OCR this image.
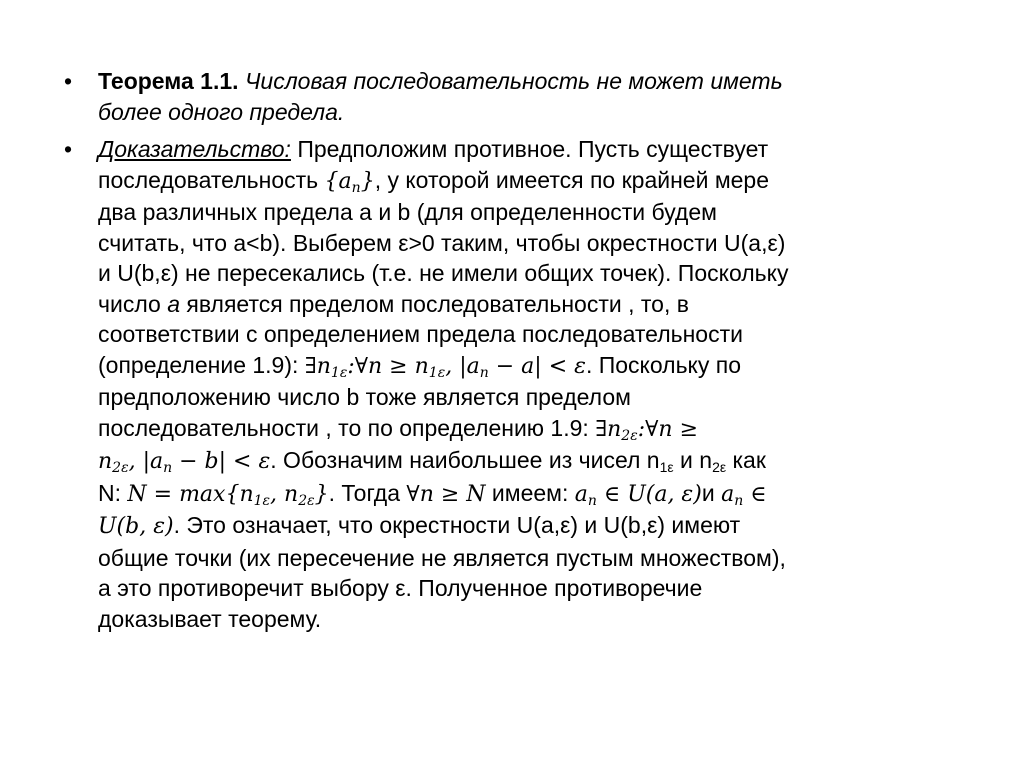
•	Теорема 1.1. Числовая последовательность не может иметь
более одного предела.
•	Доказательство: Предположим противное. Пусть существует
последовательность $\{a_n\}$, у которой имеется по крайней мере
два различных предела a и b (для определенности будем
считать, что a<b). Выберем ε>0 таким, чтобы окрестности U(a,ε)
и U(b,ε) не пересекались (т.е. не имели общих точек). Поскольку
число a является пределом последовательности , то, в
соответствии с определением предела последовательности
(определение 1.9): $\exists n_{1\varepsilon}:\forall n \ge n_{1\varepsilon}$, $|a_n - a| < \varepsilon$. Поскольку по
предположению число b тоже является пределом
последовательности , то по определению 1.9: $\exists n_{2\varepsilon}:\forall n$ ≥
$n_{2\varepsilon}$, $|a_n - b| < \varepsilon$. Обозначим наибольшее из чисел $n_{1\varepsilon}$ и $n_{2\varepsilon}$ как
N: $N = \max\{n_{1\varepsilon}$, $n_{2\varepsilon}$}. Тогда ∀n ≥ N имеем: $a_n$ ∈ U(a, ε)и $a_n$ ∈
U(b, ε). Это означает, что окрестности U(a,ε) и U(b,ε) имеют
общие точки (их пересечение не является пустым множеством),
а это противоречит выбору ε. Полученное противоречие
доказывает теорему.
